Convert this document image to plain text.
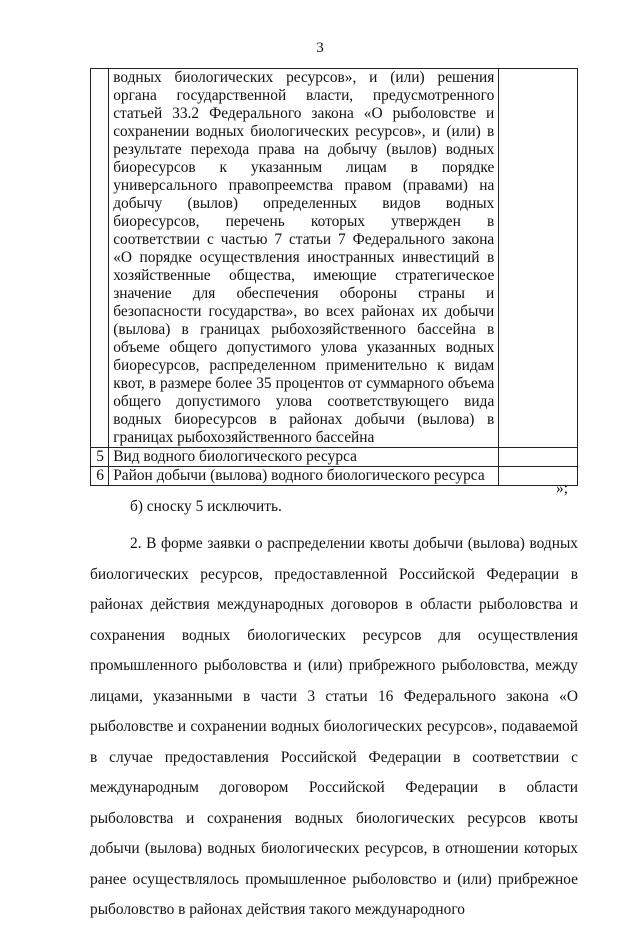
3
	водных биологических ресурсов», и (или) решения органа государственной власти, предусмотренного статьей 33.2 Федерального закона «О рыболовстве и сохранении водных биологических ресурсов», и (или) в результате перехода права на добычу (вылов) водных биоресурсов к указанным лицам в порядке универсального правопреемства правом (правами) на добычу (вылов) определенных видов водных биоресурсов, перечень которых утвержден в соответствии с частью 7 статьи 7 Федерального закона «О порядке осуществления иностранных инвестиций в хозяйственные общества, имеющие стратегическое значение для обеспечения обороны страны и безопасности государства», во всех районах их добычи (вылова) в границах рыбохозяйственного бассейна в объеме общего допустимого улова указанных водных биоресурсов, распределенном применительно к видам квот, в размере более 35 процентов от суммарного объема общего допустимого улова соответствующего вида водных биоресурсов в районах добычи (вылова) в границах рыбохозяйственного бассейна	
5	Вид водного биологического ресурса	
6	Район добычи (вылова) водного биологического ресурса	
»;
б) сноску 5 исключить.

2. В форме заявки о распределении квоты добычи (вылова) водных биологических ресурсов, предоставленной Российской Федерации в районах действия международных договоров в области рыболовства и сохранения водных биологических ресурсов для осуществления промышленного рыболовства и (или) прибрежного рыболовства, между лицами, указанными в части 3 статьи 16 Федерального закона «О рыболовстве и сохранении водных биологических ресурсов», подаваемой в случае предоставления Российской Федерации в соответствии с международным договором Российской Федерации в области рыболовства и сохранения водных биологических ресурсов квоты добычи (вылова) водных биологических ресурсов, в отношении которых ранее осуществлялось промышленное рыболовство и (или) прибрежное рыболовство в районах действия такого международного
